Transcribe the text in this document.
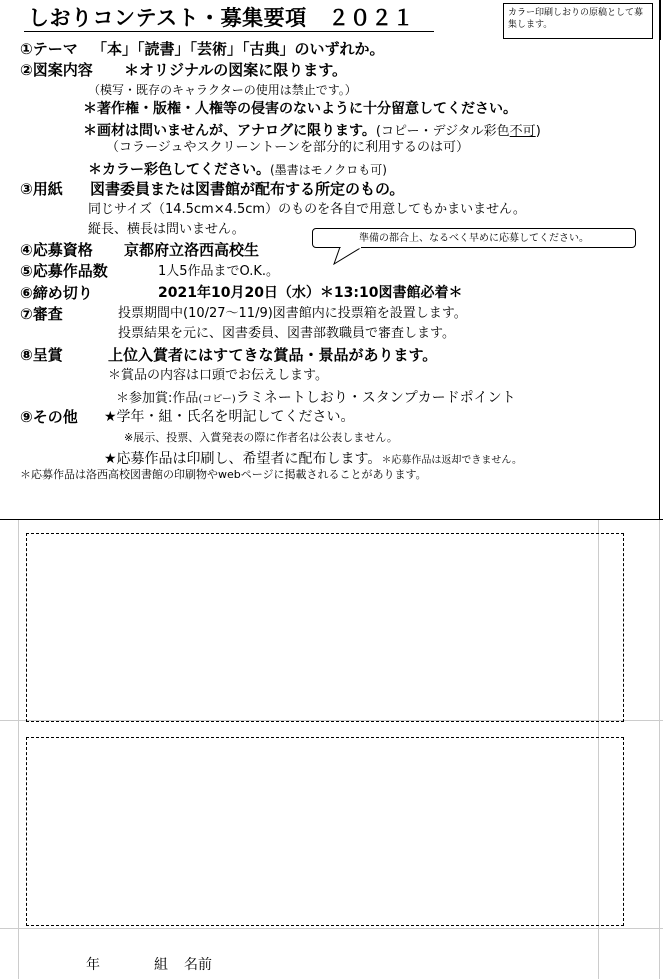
しおりコンテスト・募集要項　２０２１	カラー印刷しおりの原稿として募集します。
①テーマ 「本」「読書」「芸術」「古典」のいずれか。
②図案内容 ＊オリジナルの図案に限ります。
（模写・既存のキャラクターの使用は禁止です。）
＊著作権・版権・人権等の侵害のないように十分留意してください。
＊画材は問いませんが、アナログに限ります。(コピー・デジタル彩色不可)
（コラージュやスクリーントーンを部分的に利用するのは可）
＊カラー彩色してください。(墨書はモノクロも可)
③用紙 図書委員または図書館が配布する所定のもの。
同じサイズ（14.5cm×4.5cm）のものを各自で用意してもかまいません。
縦長、横長は問いません。
④応募資格 京都府立洛西高校生
準備の都合上、なるべく早めに応募してください。
⑤応募作品数	1人5作品までO.K.。
⑥締め切り	2021年10月20日（水）＊13:10図書館必着＊
⑦審査	投票期間中(10/27～11/9)図書館内に投票箱を設置します。
投票結果を元に、図書委員、図書部教職員で審査します。
⑧呈賞	上位入賞者にはすてきな賞品・景品があります。
＊賞品の内容は口頭でお伝えします。
＊参加賞:作品(コピー)ラミネートしおり・スタンプカードポイント
⑨その他 ★学年・組・氏名を明記してください。
※展示、投票、入賞発表の際に作者名は公表しません。
★応募作品は印刷し、希望者に配布します。＊応募作品は返却できません。
＊応募作品は洛西高校図書館の印刷物やwebページに掲載されることがあります。
年	組 名前
